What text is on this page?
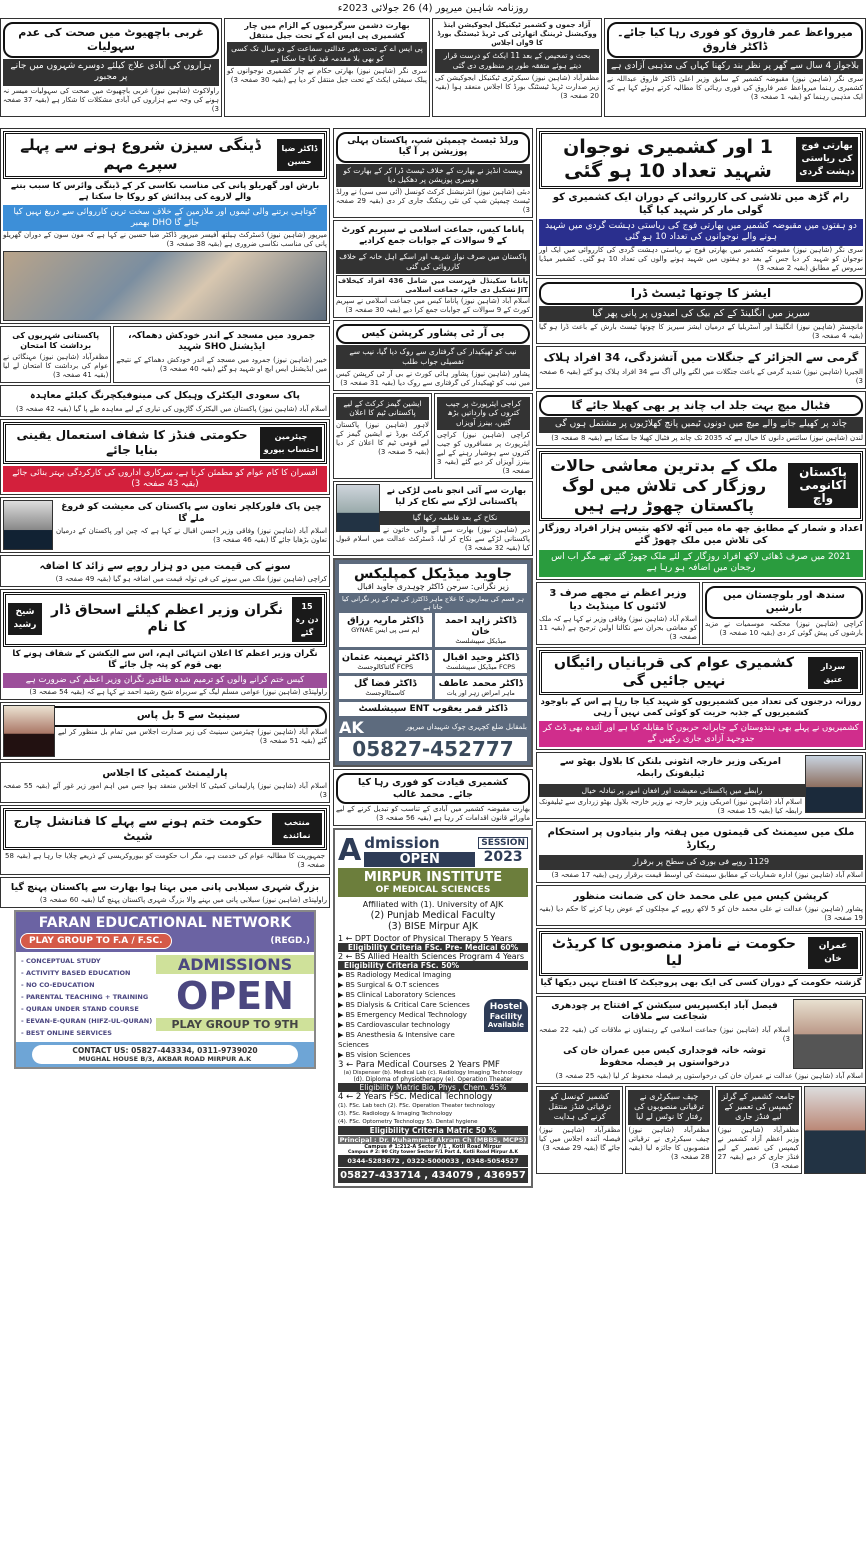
روزنامہ شاہین میرپور (4) 26 جولائی 2023ء
میرواعظ عمر فاروق کو فوری رہا کیا جائے۔ ڈاکٹر فاروق
بلاجواز 4 سال سے گھر پر نظر بند رکھنا کہاں کی مذہبی آزادی ہے
سری نگر (شاہین نیوز) مقبوضہ کشمیر کے سابق وزیر اعلیٰ ڈاکٹر فاروق عبداللہ نے کشمیری رہنما میرواعظ عمر فاروق کی فوری رہائی کا مطالبہ کرتے ہوئے کہا ہے کہ ایک مذہبی رہنما کو (بقیہ 1 صفحہ 3)
آزاد جموں و کشمیر ٹیکنیکل ایجوکیشن اینڈ ووکیشنل ٹریننگ اتھارٹی کی ٹریڈ ٹیسٹنگ بورڈ کا 9واں اجلاس
بحث و تمحیص کے بعد 11 ایکٹ کو درست قرار دیتے ہوئے متفقہ طور پر منظوری دی گئی
مظفرآباد (شاہین نیوز) سیکرٹری ٹیکنیکل ایجوکیشن کی زیر صدارت ٹریڈ ٹیسٹنگ بورڈ کا اجلاس منعقد ہوا (بقیہ 20 صفحہ 3)
بھارت دشمن سرگرمیوں کے الزام میں چار کشمیری پی ایس اے کے تحت جیل منتقل
پی ایس اے کے تحت بغیر عدالتی سماعت کے دو سال تک کسی کو بھی بلا مقدمہ قید کیا جا سکتا ہے
سری نگر (شاہین نیوز) بھارتی حکام نے چار کشمیری نوجوانوں کو پبلک سیفٹی ایکٹ کے تحت جیل منتقل کر دیا ہے (بقیہ 30 صفحہ 3)
غربی باچھیوٹ میں صحت کی عدم سہولیات
ہزاروں کی آبادی علاج کیلئے دوسرے شہروں میں جانے پر مجبور
راولاکوٹ (شاہین نیوز) غربی باچھیوٹ میں صحت کی سہولیات میسر نہ ہونے کی وجہ سے ہزاروں کی آبادی مشکلات کا شکار ہے (بقیہ 37 صفحہ 3)
بھارتی فوج کی ریاستی دہشت گردی
1 اور کشمیری نوجوان شہید تعداد 10 ہو گئی
رام گڑھ میں تلاشی کی کارروائی کے دوران ایک کشمیری کو گولی مار کر شہید کیا گیا
دو ہفتوں میں مقبوضہ کشمیر میں بھارتی فوج کی ریاستی دہشت گردی میں شہید ہونے والے نوجوانوں کی تعداد 10 ہو گئی
سری نگر (شاہین نیوز) مقبوضہ کشمیر میں بھارتی فوج نے ریاستی دہشت گردی کی کارروائی میں ایک اور نوجوان کو شہید کر دیا جس کے بعد دو ہفتوں میں شہید ہونے والوں کی تعداد 10 ہو گئی۔ کشمیر میڈیا سروس کے مطابق (بقیہ 2 صفحہ 3)
ایشز کا چوتھا ٹیسٹ ڈرا
سیریز میں انگلینڈ کے کم بیک کی امیدوں پر پانی پھر گیا
مانچسٹر (شاہین نیوز) انگلینڈ اور آسٹریلیا کے درمیان ایشز سیریز کا چوتھا ٹیسٹ بارش کے باعث ڈرا ہو گیا (بقیہ 4 صفحہ 3)
گرمی سے الجزائر کے جنگلات میں آتشزدگی، 34 افراد ہلاک
الجیریا (شاہین نیوز) شدید گرمی کے باعث جنگلات میں لگنے والی آگ سے 34 افراد ہلاک ہو گئے (بقیہ 6 صفحہ 3)
فٹبال میچ بہت جلد اب چاند پر بھی کھیلا جائے گا
چاند پر کھیلے جانے والے میچ میں دونوں ٹیمیں پانچ کھلاڑیوں پر مشتمل ہوں گی
لندن (شاہین نیوز) سائنس دانوں کا خیال ہے کہ 2035 تک چاند پر فٹبال کھیلا جا سکتا ہے (بقیہ 8 صفحہ 3)
پاکستان اکانومی واچ
ملک کے بدترین معاشی حالات روزگار کی تلاش میں لوگ پاکستان چھوڑ رہے ہیں
اعداد و شمار کے مطابق چھ ماہ میں آٹھ لاکھ بتیس ہزار افراد روزگار کی تلاش میں ملک چھوڑ گئے
2021 میں صرف ڈھائی لاکھ افراد روزگار کے لئے ملک چھوڑ گئے تھے مگر اب اس رجحان میں اضافہ ہو رہا ہے
سندھ اور بلوچستان میں بارشیں
کراچی (شاہین نیوز) محکمہ موسمیات نے مزید بارشوں کی پیش گوئی کر دی (بقیہ 10 صفحہ 3)
وزیر اعظم نے مجھے صرف 3 لائنوں کا مینڈیٹ دیا
اسلام آباد (شاہین نیوز) وفاقی وزیر نے کہا ہے کہ ملک کو معاشی بحران سے نکالنا اولین ترجیح ہے (بقیہ 11 صفحہ 3)
سردار عتیق
کشمیری عوام کی قربانیاں رائیگاں نہیں جائیں گی
روزانہ درجنوں کی تعداد میں کشمیریوں کو شہید کیا جا رہا ہے اس کے باوجود کشمیریوں کے جذبہ حریت کو کوئی کمی نہیں آ رہی
کشمیریوں نے پہلے بھی ہندوستان کے جابرانہ حربوں کا مقابلہ کیا ہے اور آئندہ بھی ڈٹ کر جدوجہد آزادی جاری رکھیں گے
امریکی وزیر خارجہ انٹونی بلنکن کا بلاول بھٹو سے ٹیلیفونک رابطہ
رابطے میں پاکستانی معیشت اور افغان امور پر تبادلہ خیال
اسلام آباد (شاہین نیوز) امریکی وزیر خارجہ نے وزیر خارجہ بلاول بھٹو زرداری سے ٹیلیفونک رابطہ کیا (بقیہ 15 صفحہ 3)
ملک میں سیمنٹ کی قیمتوں میں ہفتہ وار بنیادوں پر استحکام ریکارڈ
1129 روپے فی بوری کی سطح پر برقرار
اسلام آباد (شاہین نیوز) ادارہ شماریات کے مطابق سیمنٹ کی اوسط قیمت برقرار رہی (بقیہ 17 صفحہ 3)
کرپشن کیس میں علی محمد خان کی ضمانت منظور
پشاور (شاہین نیوز) عدالت نے علی محمد خان کو 5 لاکھ روپے کے مچلکوں کے عوض رہا کرنے کا حکم دیا (بقیہ 19 صفحہ 3)
عمران خان
حکومت نے نامزد منصوبوں کا کریڈٹ لیا
گزشتہ حکومت کے دوران کسی کی ایک بھی پروجیکٹ کا افتتاح نہیں دیکھا گیا
فیصل آباد ایکسپریس سیکشن کے افتتاح پر چودھری شجاعت سے ملاقات
اسلام آباد (شاہین نیوز) جماعت اسلامی کے رہنماؤں نے ملاقات کی (بقیہ 22 صفحہ 3)
توشہ خانہ فوجداری کیس میں عمران خان کی درخواستوں پر فیصلہ محفوظ
اسلام آباد (شاہین نیوز) عدالت نے عمران خان کی درخواستوں پر فیصلہ محفوظ کر لیا (بقیہ 25 صفحہ 3)
جامعہ کشمیر کے گرلز کیمپس کی تعمیر کے لیے فنڈز جاری
مظفرآباد (شاہین نیوز) وزیر اعظم آزاد کشمیر نے کیمپس کی تعمیر کے لیے فنڈز جاری کر دیے (بقیہ 27 صفحہ 3)
چیف سیکرٹری نے ترقیاتی منصوبوں کی رفتار کا نوٹس لے لیا
مظفرآباد (شاہین نیوز) چیف سیکرٹری نے ترقیاتی منصوبوں کا جائزہ لیا (بقیہ 28 صفحہ 3)
کشمیر کونسل کو ترقیاتی فنڈز منتقل کرنے کی ہدایت
مظفرآباد (شاہین نیوز) فیصلہ آئندہ اجلاس میں کیا جائے گا (بقیہ 29 صفحہ 3)
ورلڈ ٹیسٹ چیمپئن شپ، پاکستان پہلی پوزیشن پر آ گیا
ویسٹ انڈیز نے بھارت کے خلاف ٹیسٹ ڈرا کر کے بھارت کو دوسری پوزیشن پر دھکیل دیا
دبئی (شاہین نیوز) انٹرنیشنل کرکٹ کونسل (آئی سی سی) نے ورلڈ ٹیسٹ چیمپئن شپ کی نئی رینکنگ جاری کر دی (بقیہ 29 صفحہ 3)
پاناما کیس، جماعت اسلامی نے سپریم کورٹ کے 9 سوالات کے جوابات جمع کرادیے
پاکستان میں صرف نواز شریف اور اسکے اہل خانہ کے خلاف کارروائی کی گئی
پاناما سکینڈل فہرست میں شامل 436 افراد کیخلاف JIT تشکیل دی جائے، جماعت اسلامی
اسلام آباد (شاہین نیوز) پاناما کیس میں جماعت اسلامی نے سپریم کورٹ کے 9 سوالات کے جوابات جمع کرا دیے (بقیہ 30 صفحہ 3)
بی آر ٹی پشاور کرپشن کیس
نیب کو ٹھیکیدار کی گرفتاری سے روک دیا گیا، نیب سے تفصیلی جواب طلب
پشاور (شاہین نیوز) پشاور ہائی کورٹ نے بی آر ٹی کرپشن کیس میں نیب کو ٹھیکیدار کی گرفتاری سے روک دیا (بقیہ 31 صفحہ 3)
کراچی ایئرپورٹ پر جیب کتروں کی وارداتیں بڑھ گئیں، بینرز آویزاں
کراچی (شاہین نیوز) کراچی ایئرپورٹ پر مسافروں کو جیب کتروں سے ہوشیار رہنے کے لیے بینرز آویزاں کر دیے گئے (بقیہ 3 صفحہ 3)
ایشین گیمز کرکٹ کے لیے پاکستانی ٹیم کا اعلان
لاہور (شاہین نیوز) پاکستان کرکٹ بورڈ نے ایشین گیمز کے لیے قومی ٹیم کا اعلان کر دیا (بقیہ 5 صفحہ 3)
بھارت سے آئی انجو نامی لڑکی نے پاکستانی لڑکے سے نکاح کر لیا
نکاح کے بعد فاطمہ رکھا گیا
دیر (شاہین نیوز) بھارت سے آنے والی خاتون نے پاکستانی لڑکے سے نکاح کر لیا، ڈسٹرکٹ عدالت میں اسلام قبول کیا (بقیہ 32 صفحہ 3)
جاوید میڈیکل کمپلیکس
زیر نگرانی: سرجن ڈاکٹر چوہدری جاوید اقبال
ہر قسم کی بیماریوں کا علاج ماہر ڈاکٹرز کی ٹیم کے زیر نگرانی کیا جاتا ہے
ڈاکٹر زاہد احمد خان
میڈیکل سپیشلسٹ
ڈاکٹر ماریہ رزاق
ایم سی پی ایس GYNAE
ڈاکٹر وحید اقبال
FCPS میڈیکل سپیشلسٹ
ڈاکٹر تہمینہ عثمان
FCPS گائناکالوجسٹ
ڈاکٹر محمد عاطف
ماہر امراض زہر اور یات
ڈاکٹر فضا گل
کاسمٹالوجسٹ
ڈاکٹر قمر یعقوب ENT سپیشلسٹ
بلمقابل ضلع کچہری چوک شہیداں میرپور
AK
05827-452777
کشمیری قیادت کو فوری رہا کیا جائے۔ محمد غالب
بھارت مقبوضہ کشمیر میں آبادی کے تناسب کو تبدیل کرنے کے لیے ماورائے قانون اقدامات کر رہا ہے (بقیہ 56 صفحہ 3)
A dmission
OPEN
SESSION
2023
MIRPUR INSTITUTE
OF MEDICAL SCIENCES
Affiliated with (1). University of AJK
(2) Punjab Medical Faculty
(3) BISE Mirpur AJK
1 ← DPT Doctor of Physical Therapy 5 Years
Eligibility Criteria FSc. Pre- Medical 60%
2 ← BS Allied Health Sciences Program 4 Years
Eligibility Criteria FSc. 50%
▶ BS Radiology Medical Imaging
▶ BS Surgical & O.T sciences
▶ BS Clinical Laboratory Sciences
▶ BS Dialysis & Critical Care Sciences
▶ BS Emergency Medical Technology
▶ BS Cardiovascular technology
▶ BS Anesthesia & Intensive care Sciences
▶ BS vision Sciences
Hostel
Facility
Available
3 ← Para Medical Courses 2 Years PMF
(a) Dispenser (b). Medical Lab (c). Radiology Imaging Technology
(d). Diploma of physiotherapy (e). Operation Theater
Eligibility Matric Bio, Phys , Chem. 45%
4 ← 2 Years FSc. Medical Technology
(1). FSc. Lab tech (2). FSc. Operation Theater technology
(3). FSc. Radiology & Imaging Technology
(4). FSc. Optometry Technology 5). Dental hygiene
Eligibility Criteria Matric 50 %
Principal : Dr. Muhammad Akram Ch (MBBS, MCPS)
Campus # 1:212-A Sector F/1 , Kotli Road Mirpur
Campus # 2: 90 City tower Sector F/1 Part 4, Kotli Road Mirpur A.K
0344-5283672 , 0322-5000033 , 0348-5054527
05827-433714 , 434079 , 436957
ڈاکٹر ضیا حسین
ڈینگی سیزن شروع ہونے سے پہلے سپرے مہم
بارش اور گھریلو پانی کی مناسب نکاسی کر کے ڈینگی وائرس کا سبب بننے والے لاروے کی پیدائش کو روکا جا سکتا ہے
کوتاہی برتنے والی ٹیموں اور ملازمین کے خلاف سخت ترین کارروائی سے دریغ نہیں کیا جائے گا DHO بھمبر
میرپور (شاہین نیوز) ڈسٹرکٹ ہیلتھ آفیسر میرپور ڈاکٹر ضیا حسین نے کہا ہے کہ مون سون کے دوران گھریلو پانی کی مناسب نکاسی ضروری ہے (بقیہ 38 صفحہ 3)
جمرود میں مسجد کے اندر خودکش دھماکہ، ایڈیشنل SHO شہید
خیبر (شاہین نیوز) جمرود میں مسجد کے اندر خودکش دھماکے کے نتیجے میں ایڈیشنل ایس ایچ او شہید ہو گئے (بقیہ 40 صفحہ 3)
پاکستانی شہریوں کی برداشت کا امتحان
مظفرآباد (شاہین نیوز) مہنگائی نے عوام کی برداشت کا امتحان لے لیا (بقیہ 41 صفحہ 3)
پاک سعودی الیکٹرک وہیکل کی مینوفیکچرنگ کیلئے معاہدہ
اسلام آباد (شاہین نیوز) پاکستان میں الیکٹرک گاڑیوں کی تیاری کے لیے معاہدہ طے پا گیا (بقیہ 42 صفحہ 3)
چیئرمین احتساب بیورو
حکومتی فنڈز کا شفاف استعمال یقینی بنایا جائے
افسران کا کام عوام کو مطمئن کرنا ہے، سرکاری اداروں کی کارکردگی بہتر بنائی جائے (بقیہ 43 صفحہ 3)
چین پاک فلورکلچر تعاون سے پاکستان کی معیشت کو فروغ ملے گا
اسلام آباد (شاہین نیوز) وفاقی وزیر احسن اقبال نے کہا ہے کہ چین اور پاکستان کے درمیان تعاون بڑھایا جائے گا (بقیہ 46 صفحہ 3)
سونے کی قیمت میں دو ہزار روپے سے زائد کا اضافہ
کراچی (شاہین نیوز) ملک میں سونے کی فی تولہ قیمت میں اضافہ ہو گیا (بقیہ 49 صفحہ 3)
15 دن رہ گئے
نگران وزیر اعظم کیلئے اسحاق ڈار کا نام
شیخ رشید
نگران وزیر اعظم کا اعلان انتہائی اہم، اس سے الیکشن کے شفاف ہونے کا بھی قوم کو پتہ چل جائے گا
کیس ختم کرانے والوں کو ترمیم شدہ طاقتور نگران وزیر اعظم کی ضرورت ہے
راولپنڈی (شاہین نیوز) عوامی مسلم لیگ کے سربراہ شیخ رشید احمد نے کہا ہے کہ (بقیہ 54 صفحہ 3)
سینیٹ سے 5 بل پاس
اسلام آباد (شاہین نیوز) چیئرمین سینیٹ کی زیر صدارت اجلاس میں تمام بل منظور کر لیے گئے (بقیہ 51 صفحہ 3)
پارلیمنٹ کمیٹی کا اجلاس
اسلام آباد (شاہین نیوز) پارلیمانی کمیٹی کا اجلاس منعقد ہوا جس میں اہم امور زیر غور آئے (بقیہ 55 صفحہ 3)
منتخب نمائندے
حکومت ختم ہونے سے پہلے کا فنانشل چارج شیٹ
جمہوریت کا مطالبہ عوام کی خدمت ہے، مگر اب حکومت کو بیوروکریسی کے ذریعے چلایا جا رہا ہے (بقیہ 58 صفحہ 3)
بزرگ شہری سیلابی پانی میں بہتا ہوا بھارت سے پاکستان پہنچ گیا
راولپنڈی (شاہین نیوز) سیلابی پانی میں بہنے والا بزرگ شہری پاکستان پہنچ گیا (بقیہ 60 صفحہ 3)
FARAN EDUCATIONAL NETWORK
PLAY GROUP TO F.A / F.SC.	(REGD.)
- CONCEPTUAL STUDY
- ACTIVITY BASED EDUCATION
- NO CO-EDUCATION
- PARENTAL TEACHING + TRAINING
- QURAN UNDER STAND COURSE
- EEVAN-E-QURAN (HIFZ-UL-QURAN)
- BEST ONLINE SERVICES
ADMISSIONS
OPEN
PLAY GROUP TO 9TH
CONTACT US: 05827-443334, 0311-9739020
MUGHAL HOUSE B/3, AKBAR ROAD MIRPUR A.K
